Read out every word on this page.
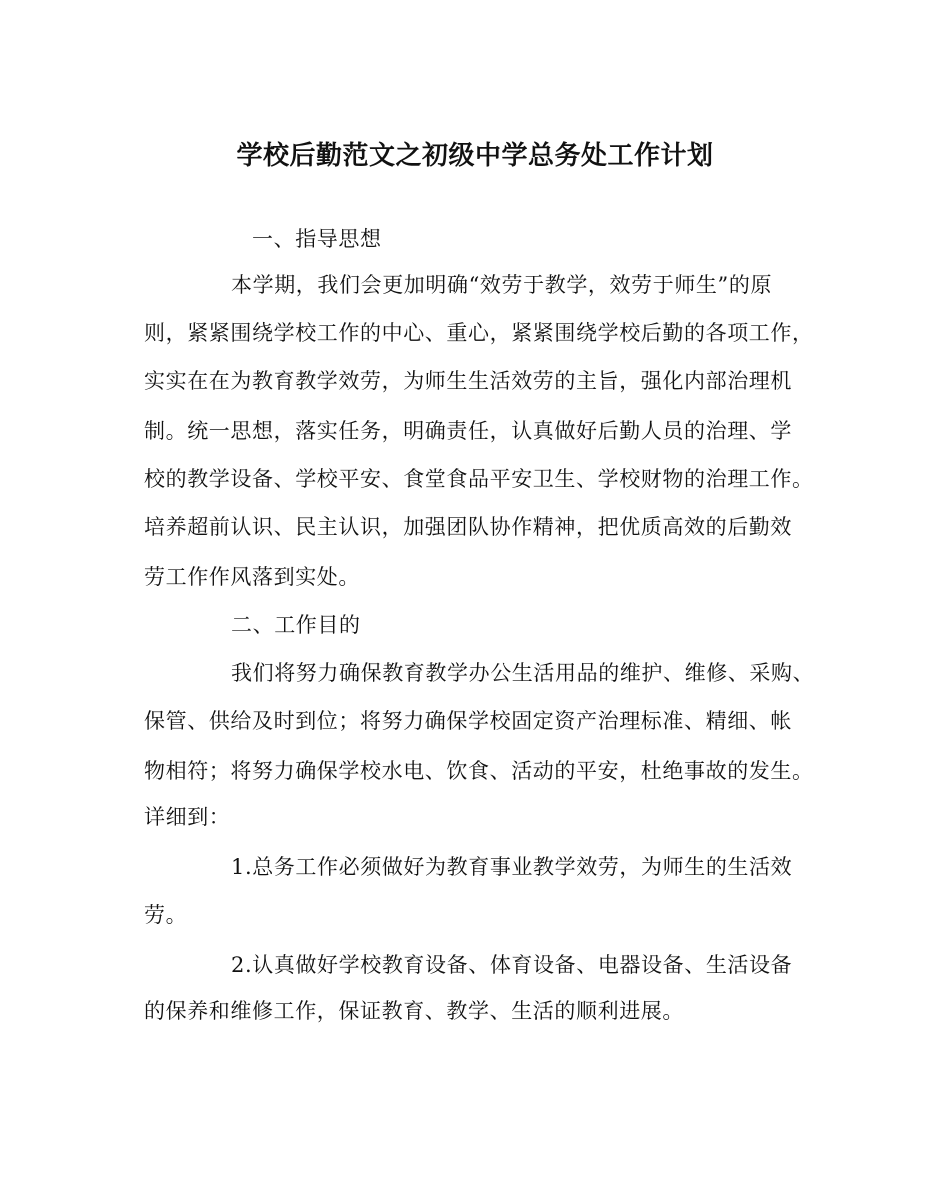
学校后勤范文之初级中学总务处工作计划

一、指导思想

本学期，我们会更加明确“效劳于教学，效劳于师生”的原

则，紧紧围绕学校工作的中心、重心，紧紧围绕学校后勤的各项工作，

实实在在为教育教学效劳，为师生生活效劳的主旨，强化内部治理机

制。统一思想，落实任务，明确责任，认真做好后勤人员的治理、学

校的教学设备、学校平安、食堂食品平安卫生、学校财物的治理工作。

培养超前认识、民主认识，加强团队协作精神，把优质高效的后勤效

劳工作作风落到实处。

二、工作目的

我们将努力确保教育教学办公生活用品的维护、维修、采购、

保管、供给及时到位；将努力确保学校固定资产治理标准、精细、帐

物相符；将努力确保学校水电、饮食、活动的平安，杜绝事故的发生。

详细到：

1.总务工作必须做好为教育事业教学效劳，为师生的生活效

劳。

2.认真做好学校教育设备、体育设备、电器设备、生活设备

的保养和维修工作，保证教育、教学、生活的顺利进展。
